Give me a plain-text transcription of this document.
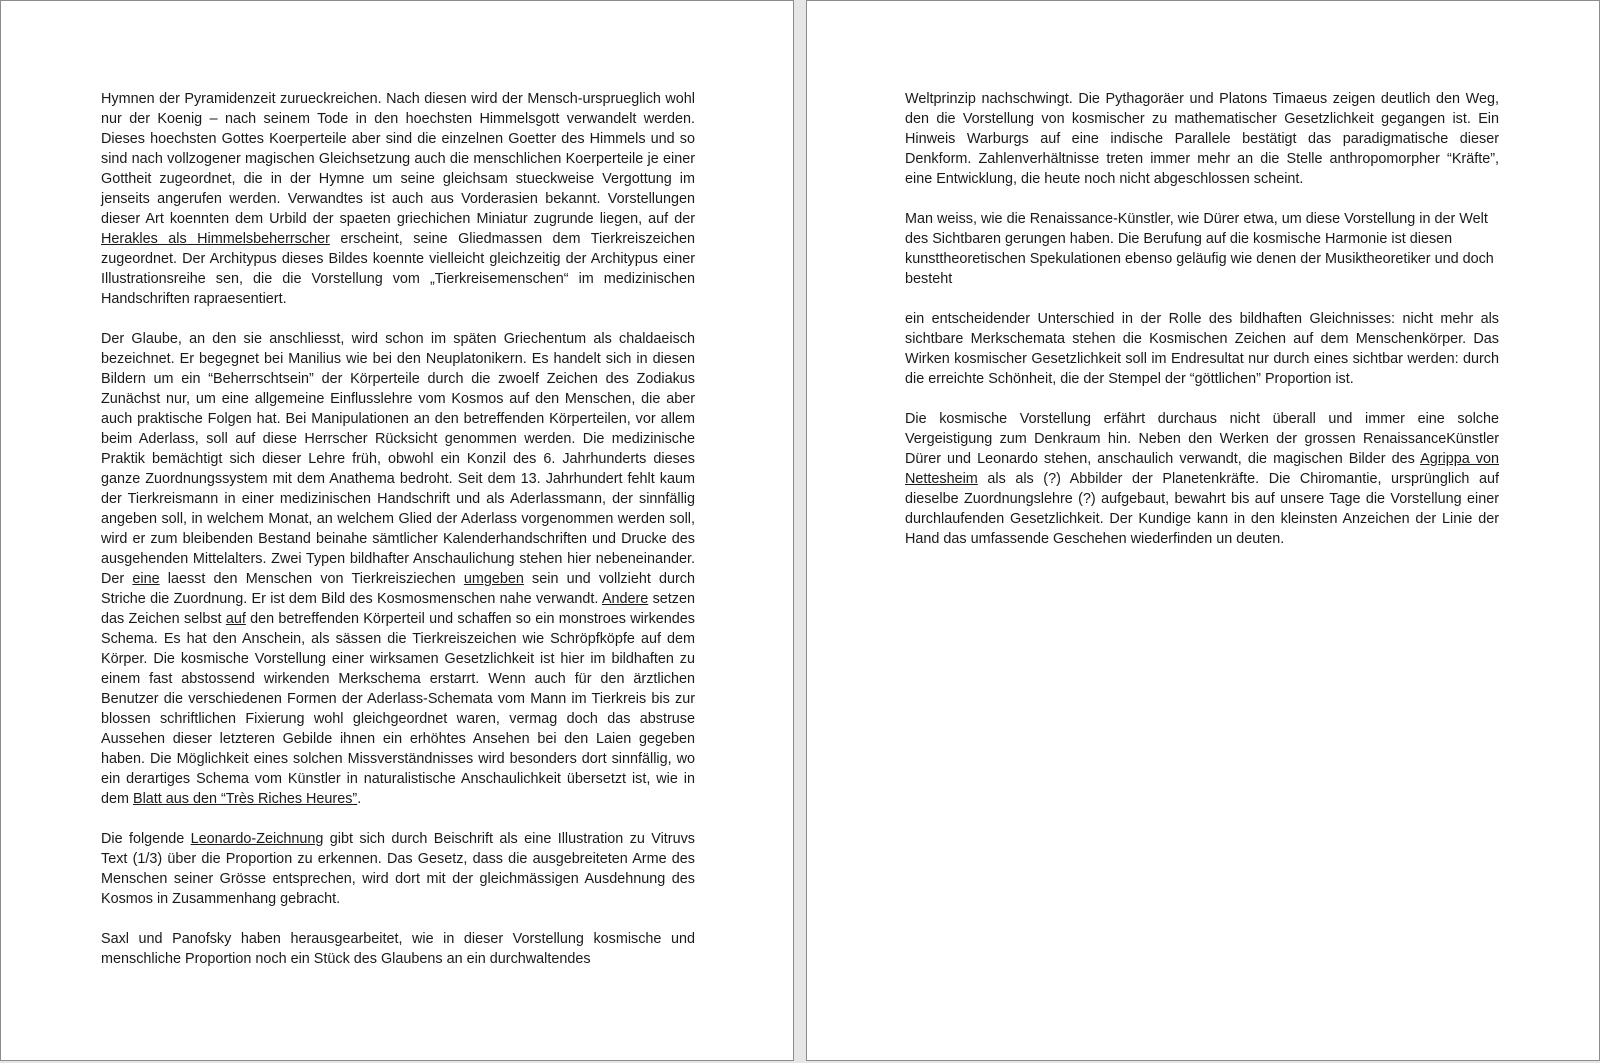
Hymnen der Pyramidenzeit zurueckreichen. Nach diesen wird der Mensch-ursprueglich wohl nur der Koenig – nach seinem Tode in den hoechsten Himmelsgott verwandelt werden. Dieses hoechsten Gottes Koerperteile aber sind die einzelnen Goetter des Himmels und so sind nach vollzogener magischen Gleichsetzung auch die menschlichen Koerperteile je einer Gottheit zugeordnet, die in der Hymne um seine gleichsam stueckweise Vergottung im jenseits angerufen werden. Verwandtes ist auch aus Vorderasien bekannt. Vorstellungen dieser Art koennten dem Urbild der spaeten griechichen Miniatur zugrunde liegen, auf der Herakles als Himmelsbeherrscher erscheint, seine Gliedmassen dem Tierkreiszeichen zugeordnet. Der Architypus dieses Bildes koennte vielleicht gleichzeitig der Architypus einer Illustrationsreihe sen, die die Vorstellung vom „Tierkreisemenschen“ im medizinischen Handschriften rapraesentiert.

Der Glaube, an den sie anschliesst, wird schon im späten Griechentum als chaldaeisch bezeichnet. Er begegnet bei Manilius wie bei den Neuplatonikern. Es handelt sich in diesen Bildern um ein “Beherrschtsein” der Körperteile durch die zwoelf Zeichen des Zodiakus Zunächst nur, um eine allgemeine Einflusslehre vom Kosmos auf den Menschen, die aber auch praktische Folgen hat. Bei Manipulationen an den betreffenden Körperteilen, vor allem beim Aderlass, soll auf diese Herrscher Rücksicht genommen werden. Die medizinische Praktik bemächtigt sich dieser Lehre früh, obwohl ein Konzil des 6. Jahrhunderts dieses ganze Zuordnungssystem mit dem Anathema bedroht. Seit dem 13. Jahrhundert fehlt kaum der Tierkreismann in einer medizinischen Handschrift und als Aderlassmann, der sinnfällig angeben soll, in welchem Monat, an welchem Glied der Aderlass vorgenommen werden soll, wird er zum bleibenden Bestand beinahe sämtlicher Kalenderhandschriften und Drucke des ausgehenden Mittelalters. Zwei Typen bildhafter Anschaulichung stehen hier nebeneinander. Der eine laesst den Menschen von Tierkreisziechen umgeben sein und vollzieht durch Striche die Zuordnung. Er ist dem Bild des Kosmosmenschen nahe verwandt. Andere setzen das Zeichen selbst auf den betreffenden Körperteil und schaffen so ein monstroes wirkendes Schema. Es hat den Anschein, als sässen die Tierkreiszeichen wie Schröpfköpfe auf dem Körper. Die kosmische Vorstellung einer wirksamen Gesetzlichkeit ist hier im bildhaften zu einem fast abstossend wirkenden Merkschema erstarrt. Wenn auch für den ärztlichen Benutzer die verschiedenen Formen der Aderlass-Schemata vom Mann im Tierkreis bis zur blossen schriftlichen Fixierung wohl gleichgeordnet waren, vermag doch das abstruse Aussehen dieser letzteren Gebilde ihnen ein erhöhtes Ansehen bei den Laien gegeben haben. Die Möglichkeit eines solchen Missverständnisses wird besonders dort sinnfällig, wo ein derartiges Schema vom Künstler in naturalistische Anschaulichkeit übersetzt ist, wie in dem Blatt aus den “Très Riches Heures”.

Die folgende Leonardo-Zeichnung gibt sich durch Beischrift als eine Illustration zu Vitruvs Text (1/3) über die Proportion zu erkennen. Das Gesetz, dass die ausgebreiteten Arme des Menschen seiner Grösse entsprechen, wird dort mit der gleichmässigen Ausdehnung des Kosmos in Zusammenhang gebracht.

Saxl und Panofsky haben herausgearbeitet, wie in dieser Vorstellung kosmische und menschliche Proportion noch ein Stück des Glaubens an ein durchwaltendes

Weltprinzip nachschwingt. Die Pythagoräer und Platons Timaeus zeigen deutlich den Weg, den die Vorstellung von kosmischer zu mathematischer Gesetzlichkeit gegangen ist. Ein Hinweis Warburgs auf eine indische Parallele bestätigt das paradigmatische dieser Denkform. Zahlenverhältnisse treten immer mehr an die Stelle anthropomorpher “Kräfte”, eine Entwicklung, die heute noch nicht abgeschlossen scheint.

Man weiss, wie die Renaissance-Künstler, wie Dürer etwa, um diese Vorstellung in der Welt des Sichtbaren gerungen haben. Die Berufung auf die kosmische Harmonie ist diesen kunsttheoretischen Spekulationen ebenso geläufig wie denen der Musiktheoretiker und doch besteht

ein entscheidender Unterschied in der Rolle des bildhaften Gleichnisses: nicht mehr als sichtbare Merkschemata stehen die Kosmischen Zeichen auf dem Menschenkörper. Das Wirken kosmischer Gesetzlichkeit soll im Endresultat nur durch eines sichtbar werden: durch die erreichte Schönheit, die der Stempel der “göttlichen” Proportion ist.

Die kosmische Vorstellung erfährt durchaus nicht überall und immer eine solche Vergeistigung zum Denkraum hin. Neben den Werken der grossen RenaissanceKünstler Dürer und Leonardo stehen, anschaulich verwandt, die magischen Bilder des Agrippa von Nettesheim als als (?) Abbilder der Planetenkräfte. Die Chiromantie, ursprünglich auf dieselbe Zuordnungslehre (?) aufgebaut, bewahrt bis auf unsere Tage die Vorstellung einer durchlaufenden Gesetzlichkeit. Der Kundige kann in den kleinsten Anzeichen der Linie der Hand das umfassende Geschehen wiederfinden un deuten.
